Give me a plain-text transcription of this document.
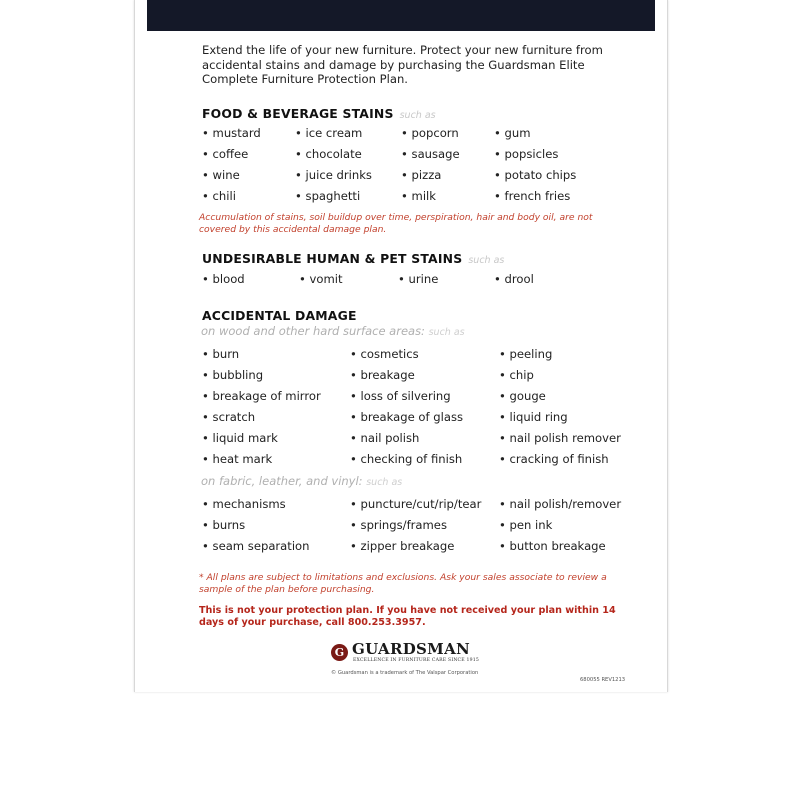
Extend the life of your new furniture. Protect your new furniture from accidental stains and damage by purchasing the Guardsman Elite Complete Furniture Protection Plan.
FOOD & BEVERAGE STAINS such as
• mustard	• ice cream	• popcorn	• gum
• coffee	• chocolate	• sausage	• popsicles
• wine	• juice drinks	• pizza	• potato chips
• chili	• spaghetti	• milk	• french fries
Accumulation of stains, soil buildup over time, perspiration, hair and body oil, are not covered by this accidental damage plan.
UNDESIRABLE HUMAN & PET STAINS such as
• blood	• vomit	• urine	• drool
ACCIDENTAL DAMAGE
on wood and other hard surface areas: such as
• burn	• cosmetics	• peeling
• bubbling	• breakage	• chip
• breakage of mirror	• loss of silvering	• gouge
• scratch	• breakage of glass	• liquid ring
• liquid mark	• nail polish	• nail polish remover
• heat mark	• checking of finish	• cracking of finish
on fabric, leather, and vinyl: such as
• mechanisms	• puncture/cut/rip/tear • nail polish/remover
• burns	• springs/frames	• pen ink
• seam separation	• zipper breakage	• button breakage
* All plans are subject to limitations and exclusions. Ask your sales associate to review a sample of the plan before purchasing.
This is not your protection plan. If you have not received your plan within 14 days of your purchase, call 800.253.3957.
G GUARDSMAN
EXCELLENCE IN FURNITURE CARE SINCE 1915
© Guardsman is a trademark of The Valspar Corporation
680055 REV1213
